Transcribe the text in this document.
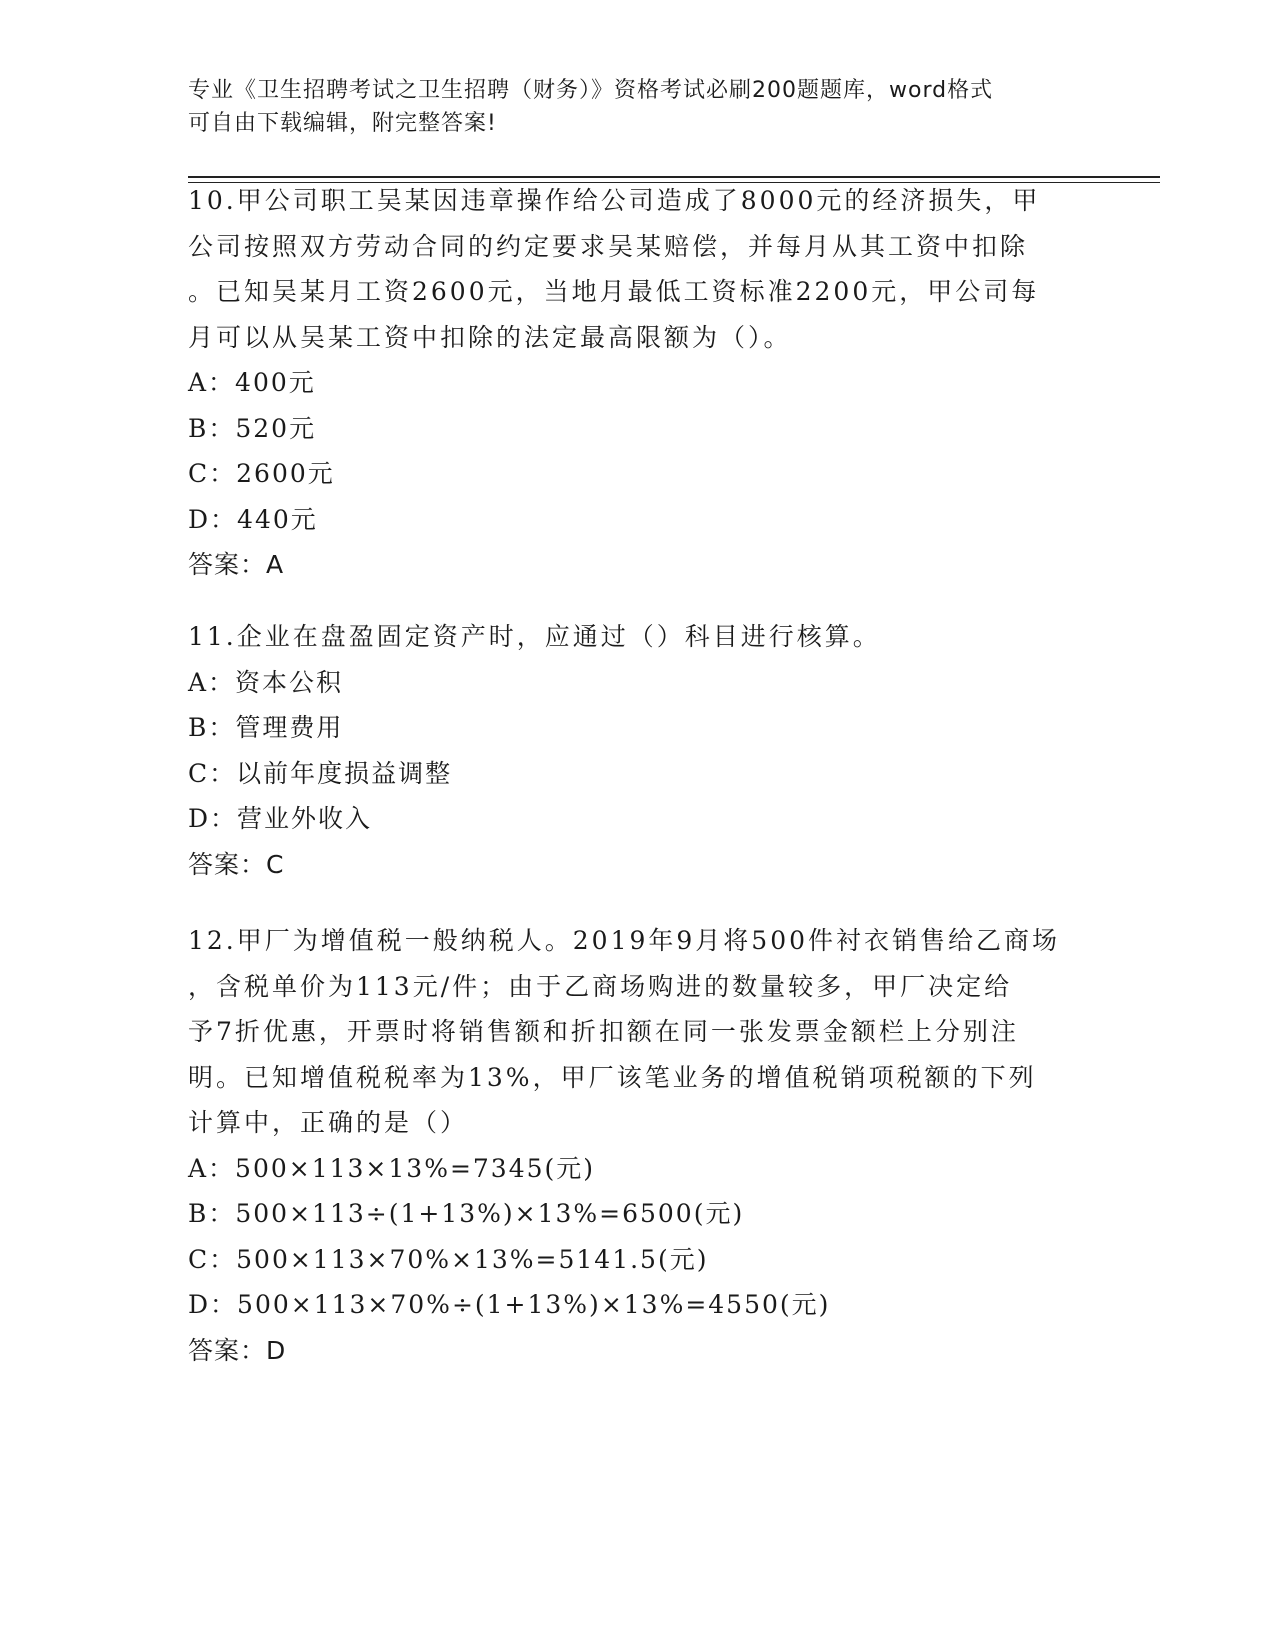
专业《卫生招聘考试之卫生招聘（财务）》资格考试必刷200题题库，word格式
可自由下载编辑，附完整答案!

10.甲公司职工吴某因违章操作给公司造成了8000元的经济损失，甲
公司按照双方劳动合同的约定要求吴某赔偿，并每月从其工资中扣除
。已知吴某月工资2600元，当地月最低工资标准2200元，甲公司每
月可以从吴某工资中扣除的法定最高限额为（）。

A：400元

B：520元

C：2600元

D：440元

答案：A

11.企业在盘盈固定资产时，应通过（）科目进行核算。

A：资本公积

B：管理费用

C：以前年度损益调整

D：营业外收入

答案：C

12.甲厂为增值税一般纳税人。2019年9月将500件衬衣销售给乙商场
，含税单价为113元/件；由于乙商场购进的数量较多，甲厂决定给
予7折优惠，开票时将销售额和折扣额在同一张发票金额栏上分别注
明。已知增值税税率为13%，甲厂该笔业务的增值税销项税额的下列
计算中，正确的是（）

A：500×113×13%=7345(元)

B：500×113÷(1+13%)×13%=6500(元)

C：500×113×70%×13%=5141.5(元)

D：500×113×70%÷(1+13%)×13%=4550(元)

答案：D
